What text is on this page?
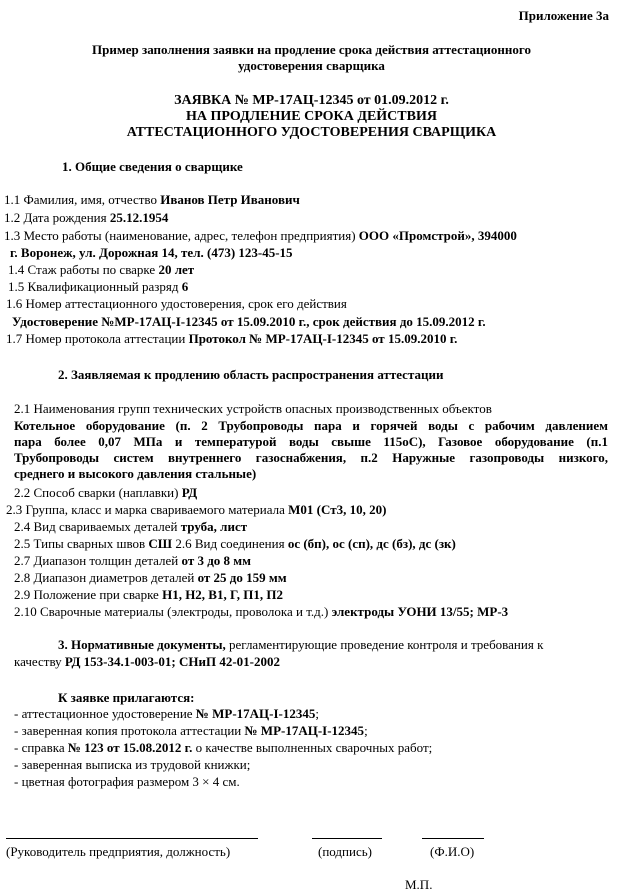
Приложение 3а
Пример заполнения заявки на продление срока действия аттестационного
удостоверения сварщика
ЗАЯВКА № МР-17АЦ-12345 от 01.09.2012 г.
НА ПРОДЛЕНИЕ СРОКА ДЕЙСТВИЯ
АТТЕСТАЦИОННОГО УДОСТОВЕРЕНИЯ СВАРЩИКА
1. Общие сведения о сварщике
1.1 Фамилия, имя, отчество Иванов Петр Иванович
1.2 Дата рождения 25.12.1954
1.3 Место работы (наименование, адрес, телефон предприятия) ООО «Промстрой», 394000
г. Воронеж, ул. Дорожная 14, тел. (473) 123-45-15
1.4 Стаж работы по сварке 20 лет
1.5 Квалификационный разряд 6
1.6 Номер аттестационного удостоверения, срок его действия
Удостоверение №МР-17АЦ-I-12345 от 15.09.2010 г., срок действия до 15.09.2012 г.
1.7 Номер протокола аттестации Протокол № МР-17АЦ-I-12345 от 15.09.2010 г.
2. Заявляемая к продлению область распространения аттестации
2.1 Наименования групп технических устройств опасных производственных объектов
Котельное оборудование (п. 2 Трубопроводы пара и горячей воды с рабочим давлением
пара более 0,07 МПа и температурой воды свыше 115оС), Газовое оборудование (п.1
Трубопроводы систем внутреннего газоснабжения, п.2 Наружные газопроводы низкого,
среднего и высокого давления стальные)
2.2 Способ сварки (наплавки) РД
2.3 Группа, класс и марка свариваемого материала М01 (Ст3, 10, 20)
2.4 Вид свариваемых деталей труба, лист
2.5 Типы сварных швов СШ 2.6 Вид соединения ос (бп), ос (сп), дс (бз), дс (зк)
2.7 Диапазон толщин деталей от 3 до 8 мм
2.8 Диапазон диаметров деталей от 25 до 159 мм
2.9 Положение при сварке Н1, Н2, В1, Г, П1, П2
2.10 Сварочные материалы (электроды, проволока и т.д.) электроды УОНИ 13/55; МР-3
3. Нормативные документы, регламентирующие проведение контроля и требования к
качеству РД 153-34.1-003-01; СНиП 42-01-2002
К заявке прилагаются:
- аттестационное удостоверение № МР-17АЦ-I-12345;
- заверенная копия протокола аттестации № МР-17АЦ-I-12345;
- справка № 123 от 15.08.2012 г. о качестве выполненных сварочных работ;
- заверенная выписка из трудовой книжки;
- цветная фотография размером 3 × 4 см.
(Руководитель предприятия, должность)	(подпись)	(Ф.И.О)
М.П.
